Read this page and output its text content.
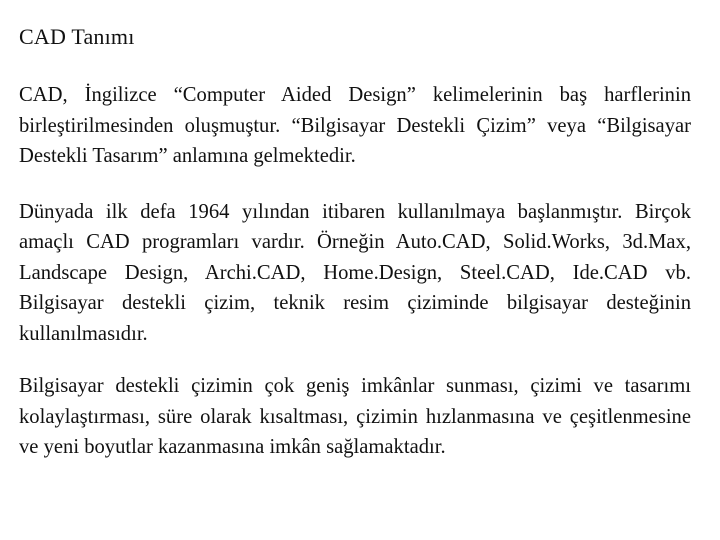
CAD Tanımı

CAD, İngilizce “Computer Aided Design” kelimelerinin baş harflerinin birleştirilmesinden oluşmuştur. “Bilgisayar Destekli Çizim” veya “Bilgisayar Destekli Tasarım” anlamına gelmektedir.

Dünyada ilk defa 1964 yılından itibaren kullanılmaya başlanmıştır. Birçok amaçlı CAD programları vardır. Örneğin Auto.CAD, Solid.Works, 3d.Max, Landscape Design, Archi.CAD, Home.Design, Steel.CAD, Ide.CAD vb. Bilgisayar destekli çizim, teknik resim çiziminde bilgisayar desteğinin kullanılmasıdır.

Bilgisayar destekli çizimin çok geniş imkânlar sunması, çizimi ve tasarımı kolaylaştırması, süre olarak kısaltması, çizimin hızlanmasına ve çeşitlenmesine ve yeni boyutlar kazanmasına imkân sağlamaktadır.
